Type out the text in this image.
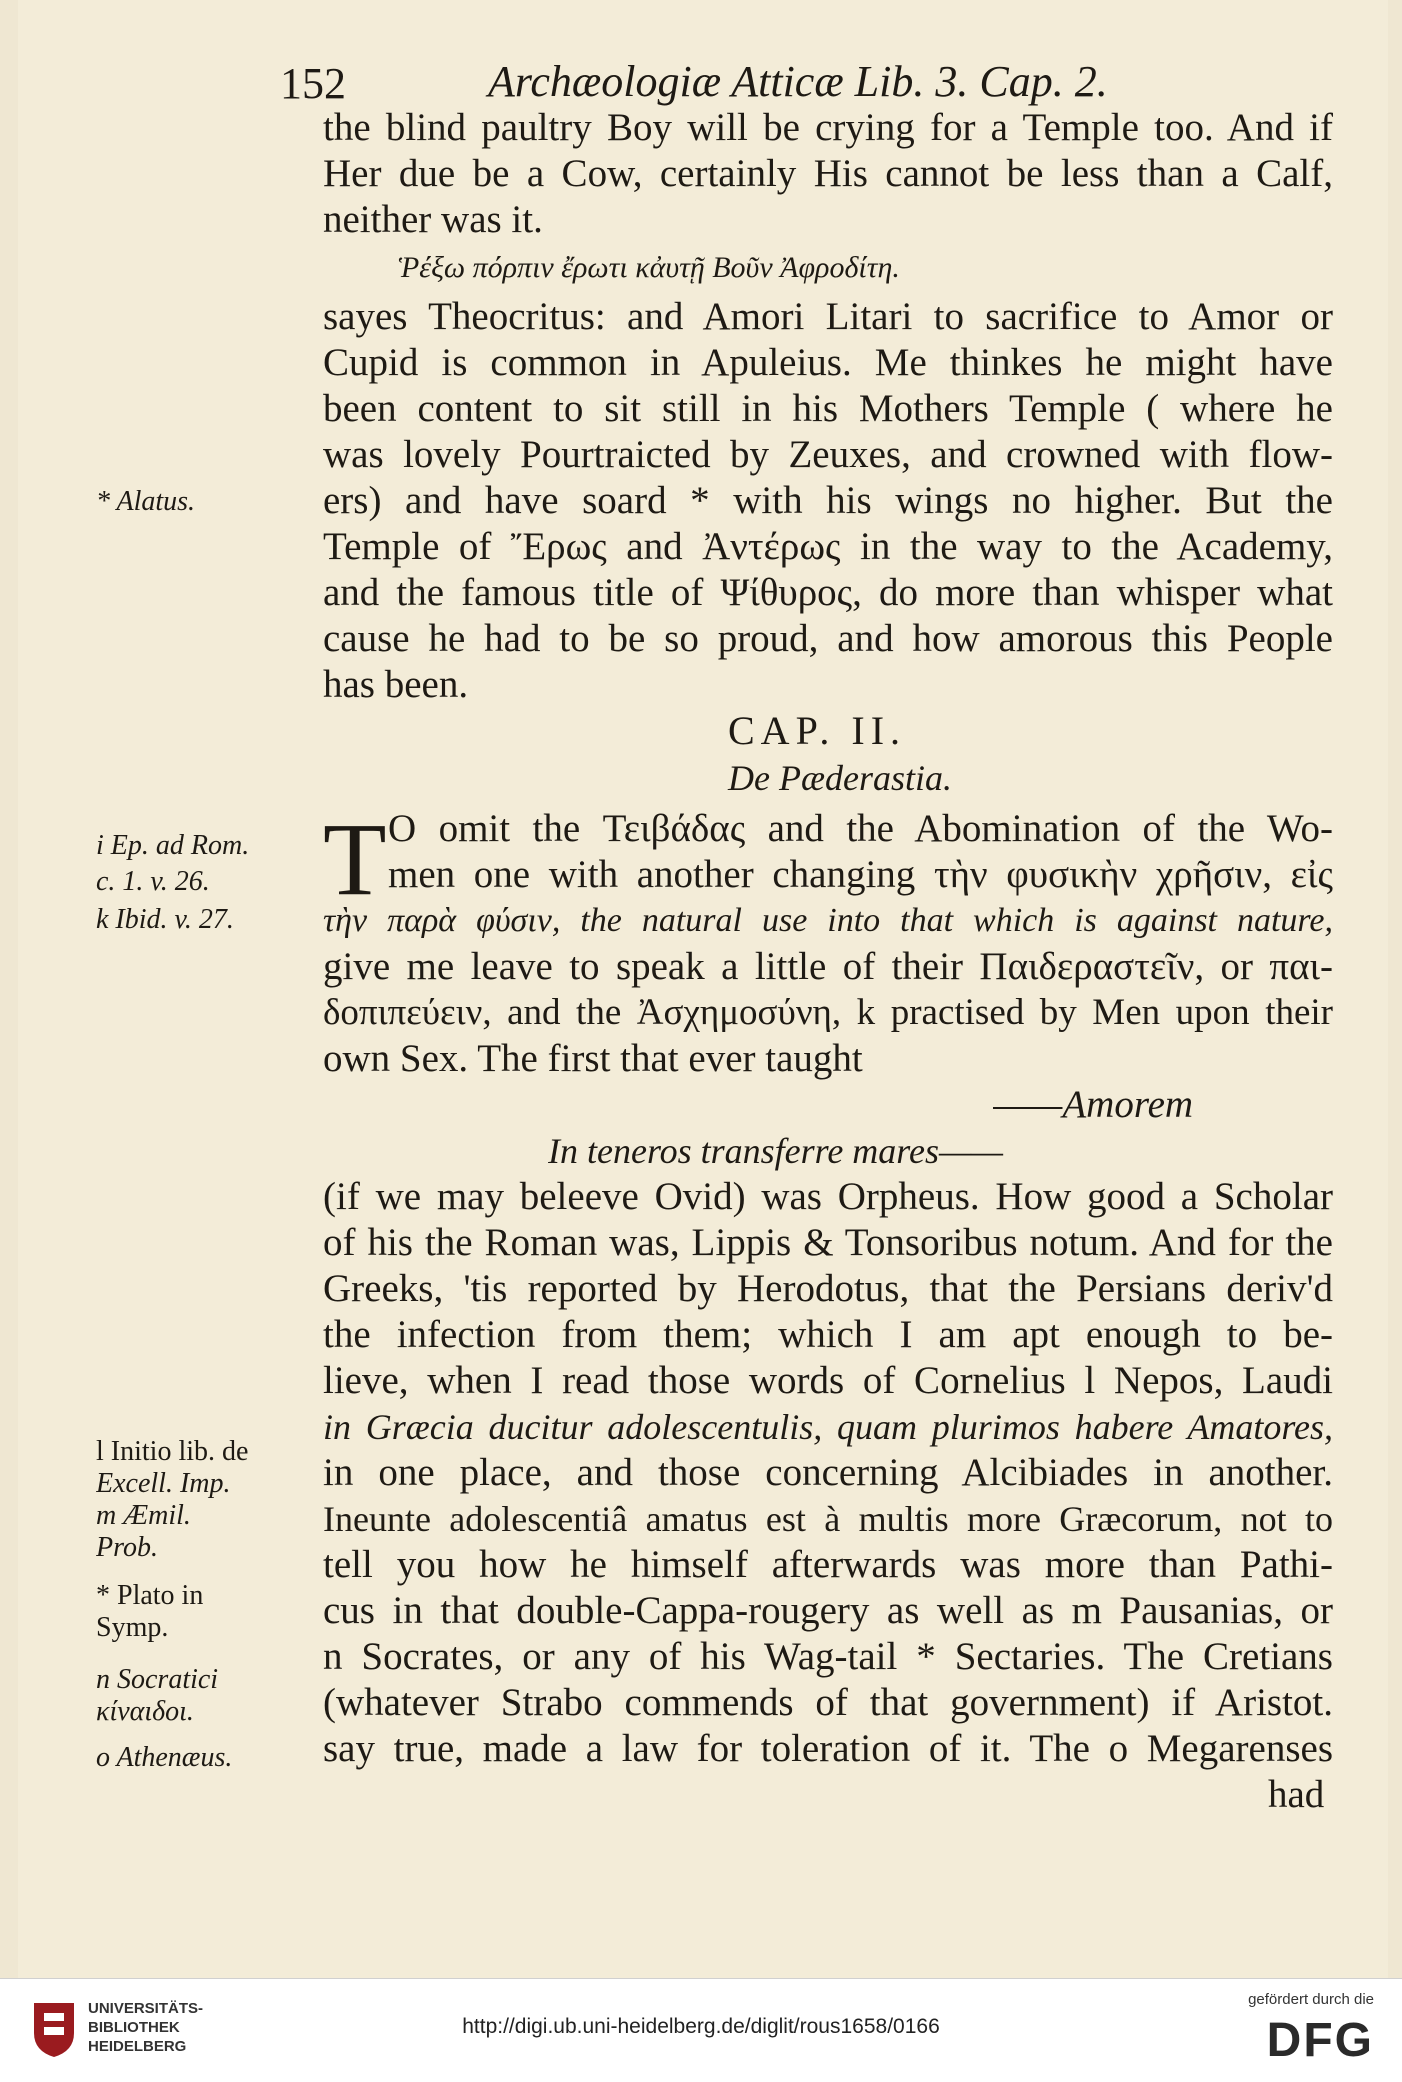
152	Archæologiæ Atticæ Lib. 3. Cap. 2.
the blind paultry Boy will be crying for a Temple too. And if
Her due be a Cow, certainly His cannot be less than a Calf,
neither was it.
Ῥέξω πόρπιν ἔρωτι κἀυτῇ Βοῦν Ἀφροδίτη.
sayes Theocritus: and Amori Litari to sacrifice to Amor or
Cupid is common in Apuleius. Me thinkes he might have
been content to sit still in his Mothers Temple ( where he
was lovely Pourtraicted by Zeuxes, and crowned with flow-
ers) and have soard * with his wings no higher. But the
Temple of Ἔρως and Ἀντέρως in the way to the Academy,
and the famous title of Ψίθυρος, do more than whisper what
cause he had to be so proud, and how amorous this People
has been.
CAP. II.
De Pæderastia.
T O omit the Τειβάδας and the Abomination of the Wo-
men one with another changing τὴν φυσικὴν χρῆσιν, εἰς
τὴν παρὰ φύσιν, the natural use into that which is against nature,
give me leave to speak a little of their Παιδεραστεῖν, or παι-
δοπιπεύειν, and the Ἀσχημοσύνη, k practised by Men upon their
own Sex. The first that ever taught
——Amorem
In teneros transferre mares——
(if we may beleeve Ovid) was Orpheus. How good a Scholar
of his the Roman was, Lippis & Tonsoribus notum. And for the
Greeks, 'tis reported by Herodotus, that the Persians deriv'd
the infection from them; which I am apt enough to be-
lieve, when I read those words of Cornelius l Nepos, Laudi
in Græcia ducitur adolescentulis, quam plurimos habere Amatores,
in one place, and those concerning Alcibiades in another.
Ineunte adolescentiâ amatus est à multis more Græcorum, not to
tell you how he himself afterwards was more than Pathi-
cus in that double-Cappa-rougery as well as m Pausanias, or
n Socrates, or any of his Wag-tail * Sectaries. The Cretians
(whatever Strabo commends of that government) if Aristot.
say true, made a law for toleration of it. The o Megarenses
had
* Alatus.
i Ep. ad Rom.
c. 1. v. 26.
k Ibid. v. 27.
l Initio lib. de
Excell. Imp.
m Æmil.
Prob.
* Plato in
Symp.
n Socratici
κίναιδοι.
o Athenæus.
UNIVERSITÄTS-
BIBLIOTHEK
HEIDELBERG
http://digi.ub.uni-heidelberg.de/diglit/rous1658/0166
gefördert durch die
DFG
